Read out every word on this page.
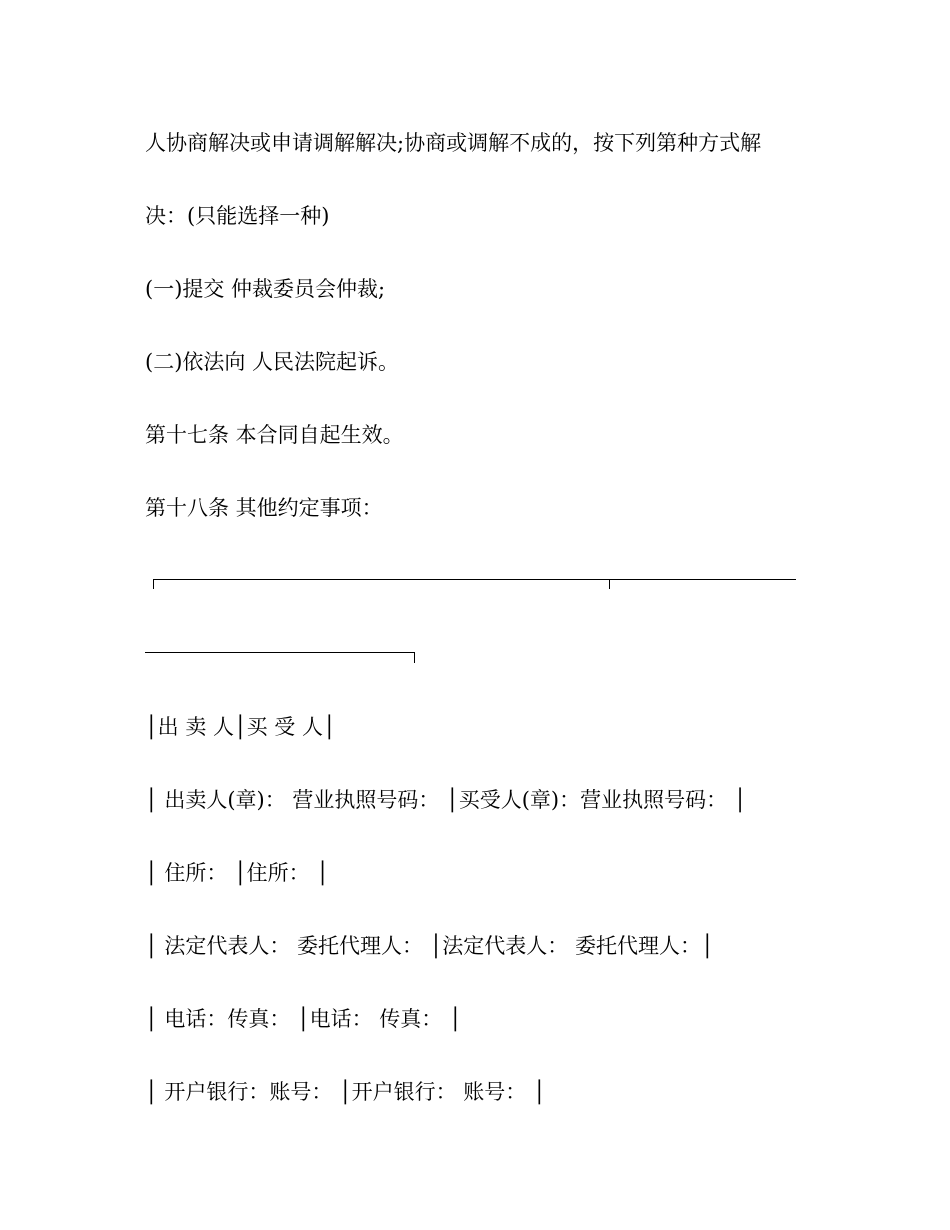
人协商解决或申请调解解决;协商或调解不成的，按下列第种方式解

决：(只能选择一种)

(一)提交 仲裁委员会仲裁;

(二)依法向 人民法院起诉。

第十七条 本合同自起生效。

第十八条 其他约定事项：

│出 卖 人│买 受 人│

│ 出卖人(章)： 营业执照号码： │买受人(章)：营业执照号码： │

│ 住所： │住所： │

│ 法定代表人： 委托代理人： │法定代表人： 委托代理人：│

│ 电话：传真： │电话： 传真： │

│ 开户银行：账号： │开户银行： 账号： │
